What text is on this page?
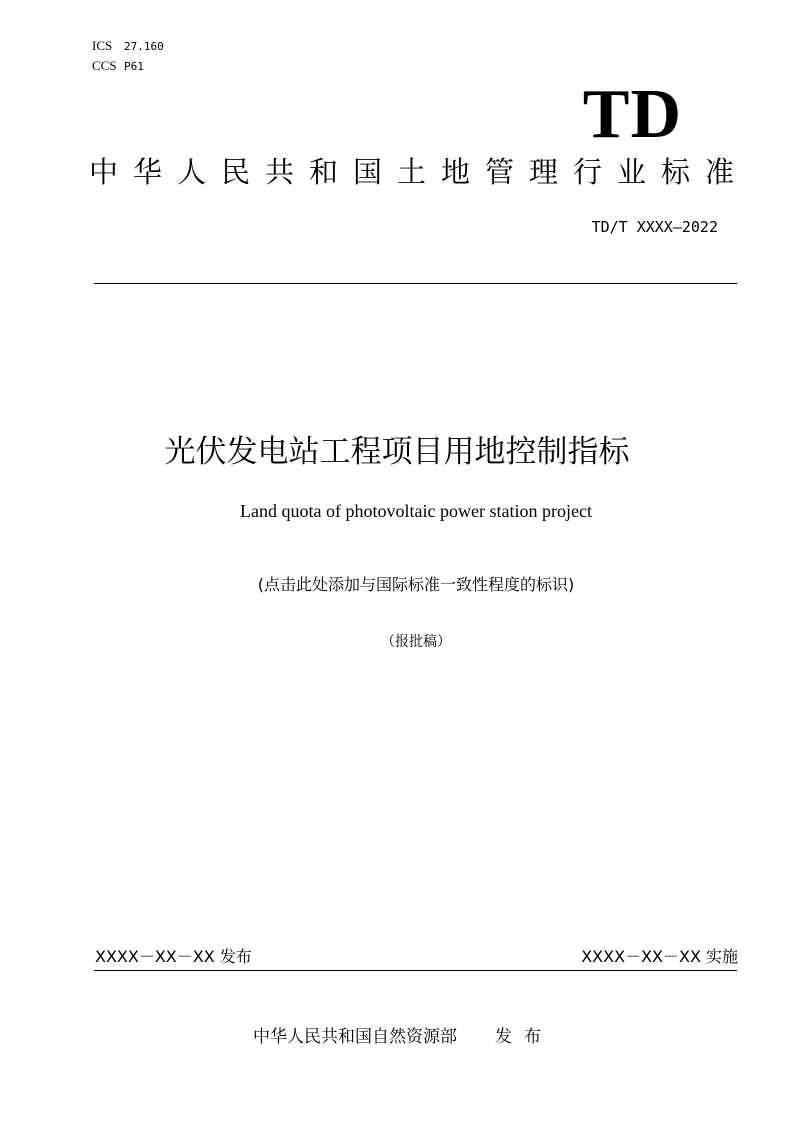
ICS 27.160
CCS P61
TD
中华人民共和国土地管理行业标准
TD/T XXXX—2022
光伏发电站工程项目用地控制指标
Land quota of photovoltaic power station project
(点击此处添加与国际标准一致性程度的标识)
（报批稿）
XXXX－XX－XX 发布	XXXX－XX－XX 实施
中华人民共和国自然资源部 发布
